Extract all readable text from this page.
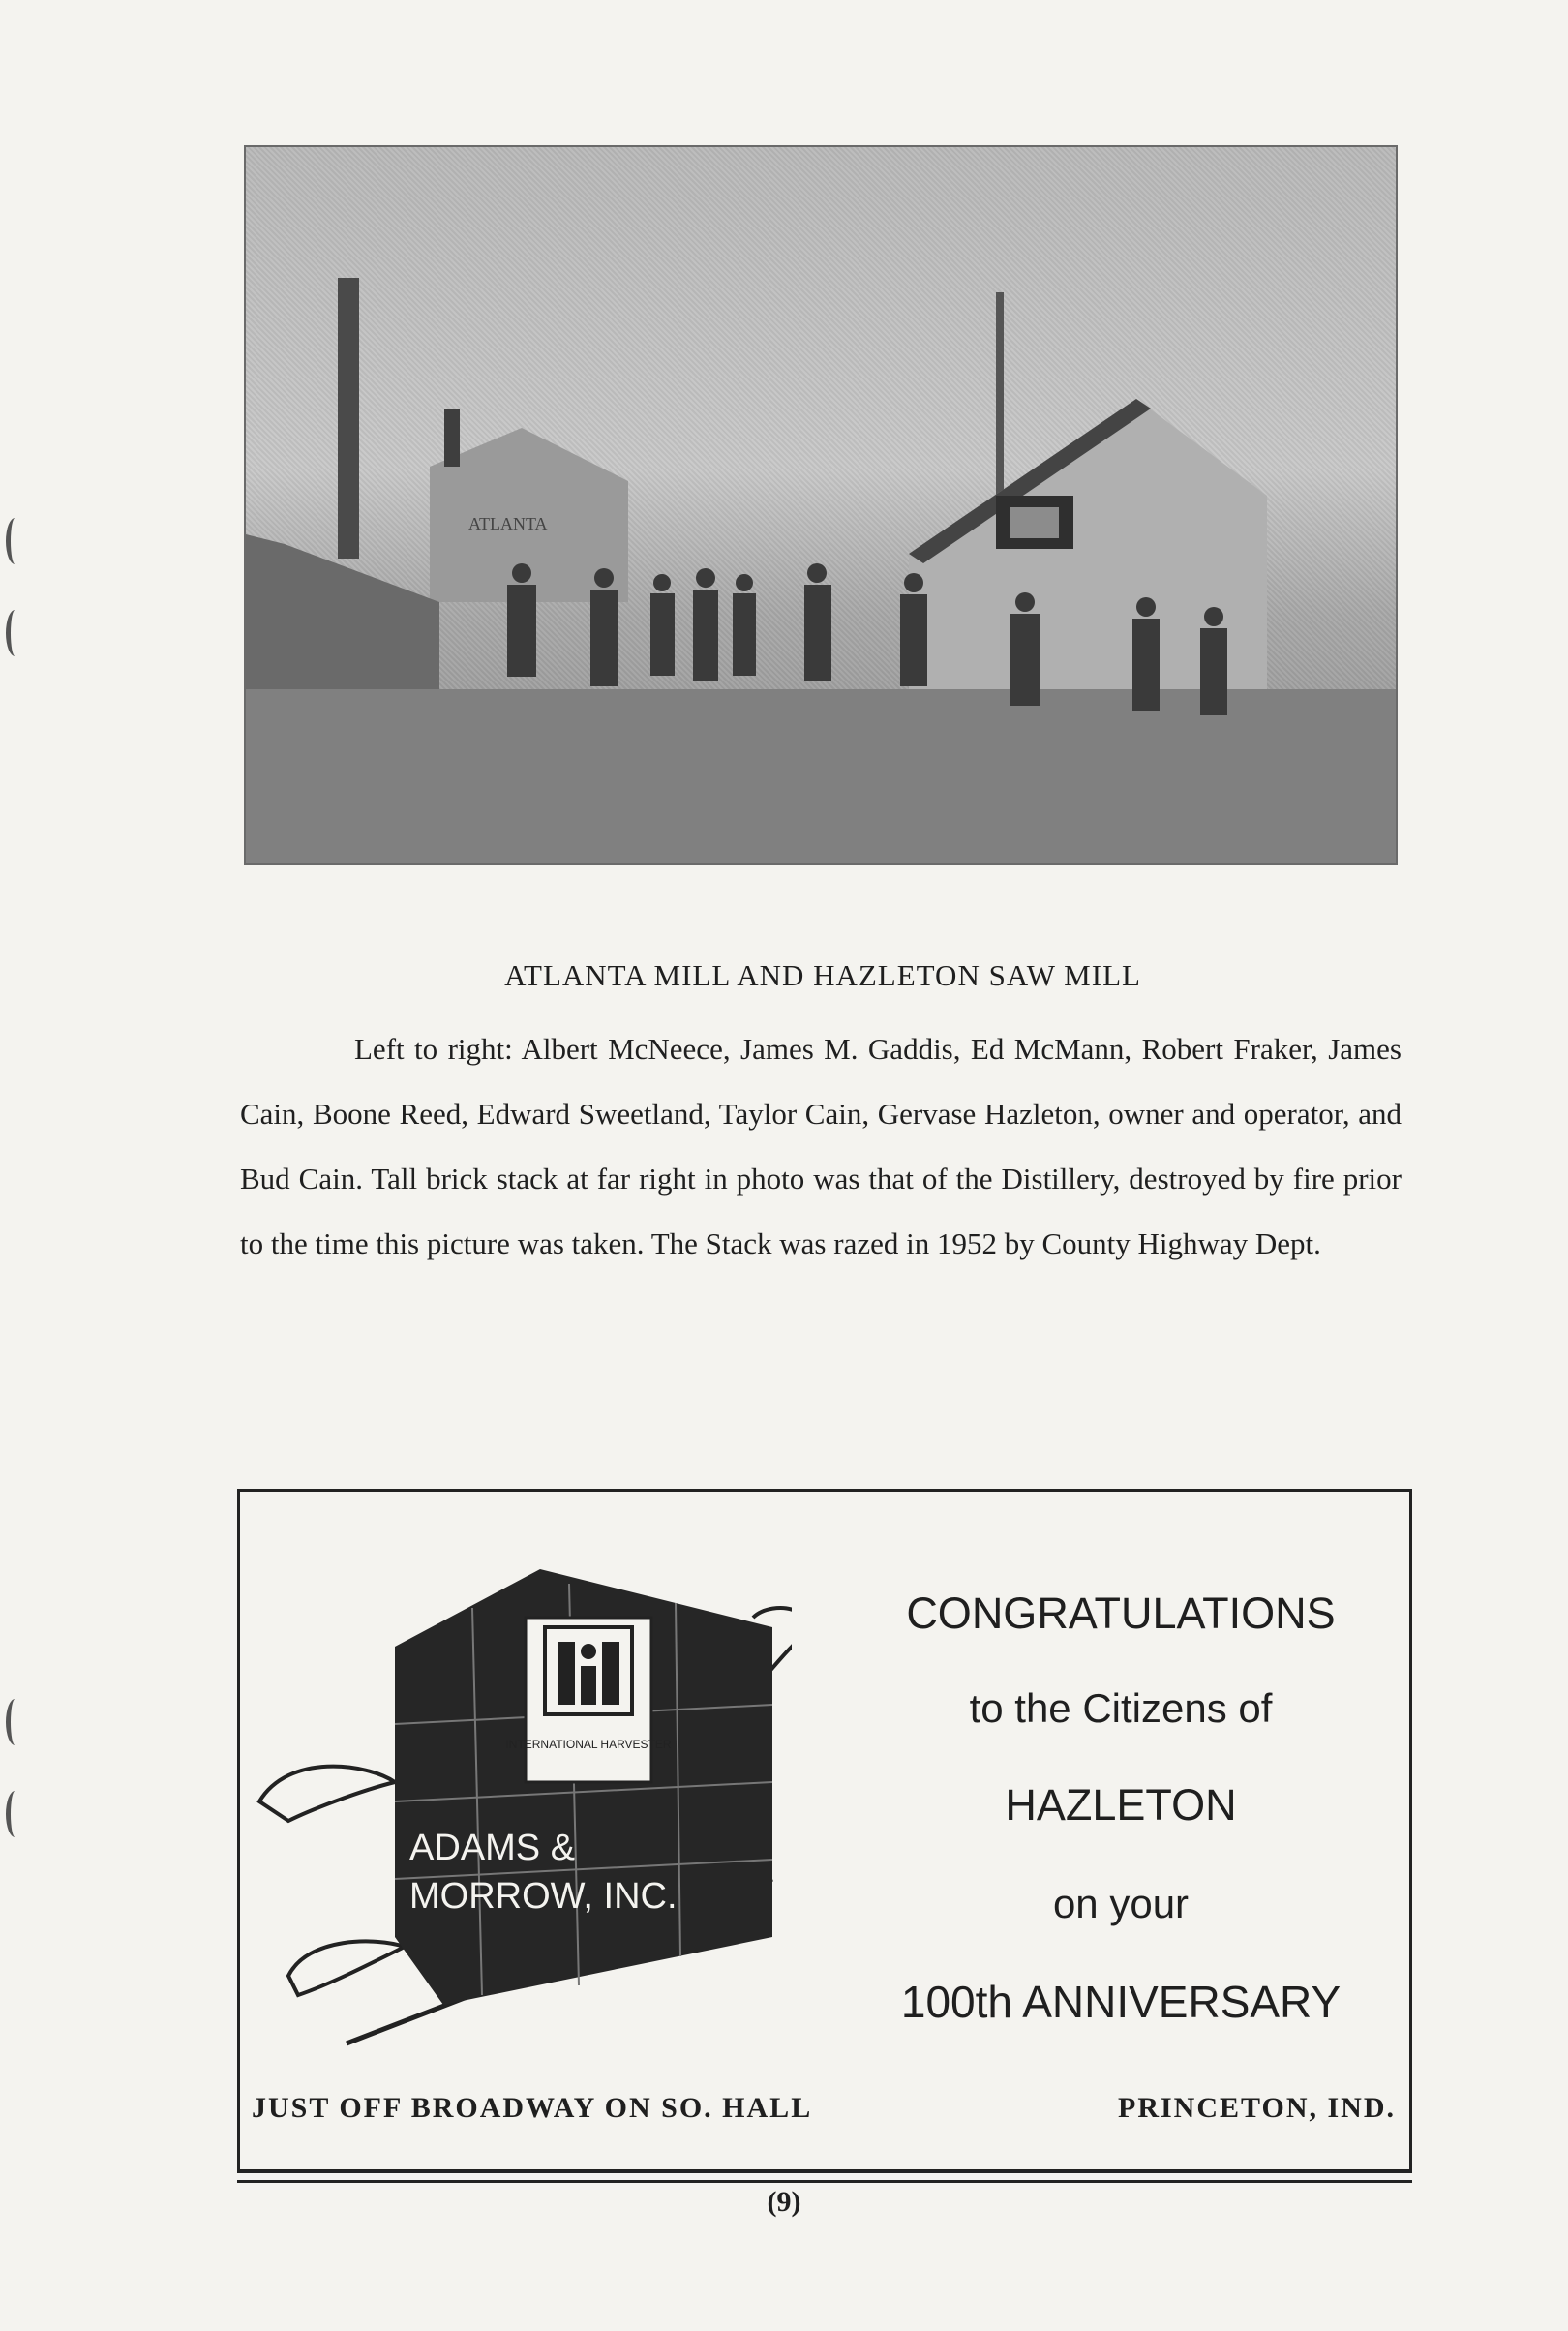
ATLANTA
ATLANTA MILL AND HAZLETON SAW MILL
Left to right: Albert McNeece, James M. Gaddis, Ed McMann, Robert Fraker, James Cain, Boone Reed, Edward Sweetland, Taylor Cain, Gervase Hazleton, owner and operator, and Bud Cain. Tall brick stack at far right in photo was that of the Distillery, destroyed by fire prior to the time this picture was taken. The Stack was razed in 1952 by County Highway Dept.
INTERNATIONAL HARVESTER
ADAMS &
MORROW, INC.
CONGRATULATIONS
to the Citizens of
HAZLETON
on your
100th ANNIVERSARY
JUST OFF BROADWAY ON SO. HALL	PRINCETON, IND.
(9)
